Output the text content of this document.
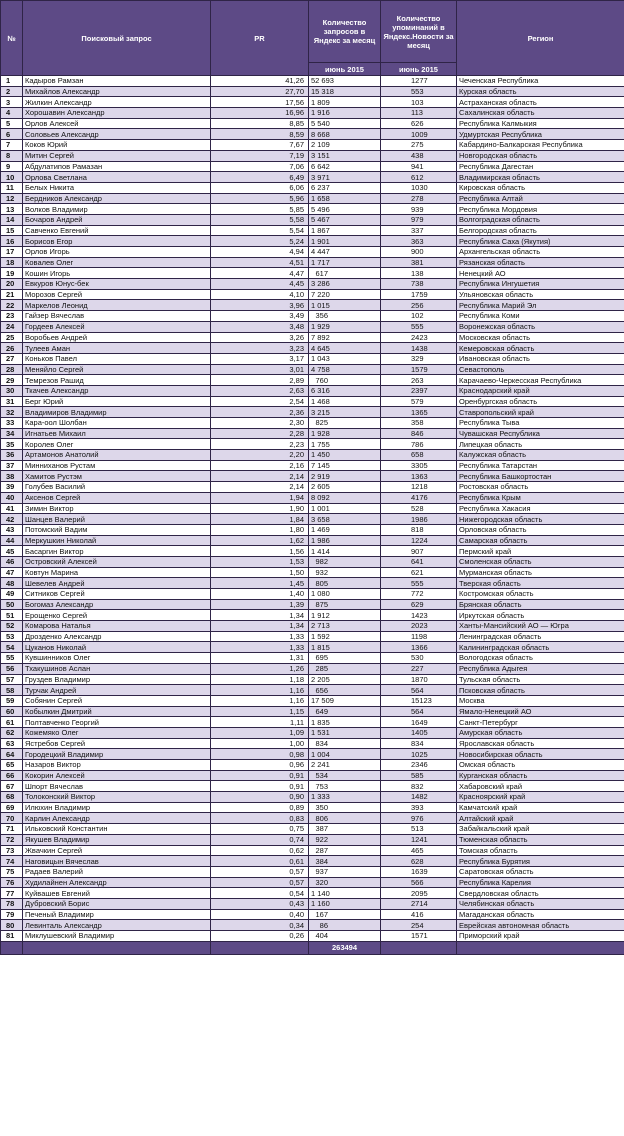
№	Поисковый запрос	PR	Количество запросов в Яндекс за месяц	Количество упоминаний в Яндекс.Новости за месяц	Регион
			июнь 2015	июнь 2015	
1	Кадыров Рамзан	41,26	52 693	1277	Чеченская Республика
2	Михайлов Александр	27,70	15 318	553	Курская область
3	Жилкин Александр	17,56	1 809	103	Астраханская область
4	Хорошавин Александр	16,96	1 916	113	Сахалинская область
5	Орлов Алексей	8,85	5 540	626	Республика Калмыкия
6	Соловьев Александр	8,59	8 668	1009	Удмуртская Республика
7	Коков Юрий	7,67	2 109	275	Кабардино-Балкарская Республика
8	Митин Сергей	7,19	3 151	438	Новгородская область
9	Абдулатипов Рамазан	7,06	6 642	941	Республика Дагестан
10	Орлова Светлана	6,49	3 971	612	Владимирская область
11	Белых Никита	6,06	6 237	1030	Кировская область
12	Бердников Александр	5,96	1 658	278	Республика Алтай
13	Волков Владимир	5,85	5 496	939	Республика Мордовия
14	Бочаров Андрей	5,58	5 467	979	Волгоградская область
15	Савченко Евгений	5,54	1 867	337	Белгородская область
16	Борисов Егор	5,24	1 901	363	Республика Саха (Якутия)
17	Орлов Игорь	4,94	4 447	900	Архангельская область
18	Ковалев Олег	4,51	1 717	381	Рязанская область
19	Кошин Игорь	4,47	617	138	Ненецкий АО
20	Евкуров Юнус-бек	4,45	3 286	738	Республика Ингушетия
21	Морозов Сергей	4,10	7 220	1759	Ульяновская область
22	Маркелов Леонид	3,96	1 015	256	Республика Марий Эл
23	Гайзер Вячеслав	3,49	356	102	Республика Коми
24	Гордеев Алексей	3,48	1 929	555	Воронежская область
25	Воробьев Андрей	3,26	7 892	2423	Московская область
26	Тулеев Аман	3,23	4 645	1438	Кемеровская область
27	Коньков Павел	3,17	1 043	329	Ивановская область
28	Меняйло Сергей	3,01	4 758	1579	Севастополь
29	Темрезов Рашид	2,89	760	263	Карачаево-Черкесская Республика
30	Ткачев Александр	2,63	6 316	2397	Краснодарский край
31	Берг Юрий	2,54	1 468	579	Оренбургская область
32	Владимиров Владимир	2,36	3 215	1365	Ставропольский край
33	Кара-оол Шолбан	2,30	825	358	Республика Тыва
34	Игнатьев Михаил	2,28	1 928	846	Чувашская Республика
35	Королев Олег	2,23	1 755	786	Липецкая область
36	Артамонов Анатолий	2,20	1 450	658	Калужская область
37	Минниханов Рустам	2,16	7 145	3305	Республика Татарстан
38	Хамитов Рустэм	2,14	2 919	1363	Республика Башкортостан
39	Голубев Василий	2,14	2 605	1218	Ростовская область
40	Аксенов Сергей	1,94	8 092	4176	Республика Крым
41	Зимин Виктор	1,90	1 001	528	Республика Хакасия
42	Шанцев Валерий	1,84	3 658	1986	Нижегородская область
43	Потомский Вадим	1,80	1 469	818	Орловская область
44	Меркушкин Николай	1,62	1 986	1224	Самарская область
45	Басаргин Виктор	1,56	1 414	907	Пермский край
46	Островский Алексей	1,53	982	641	Смоленская область
47	Ковтун Марина	1,50	932	621	Мурманская область
48	Шевелев Андрей	1,45	805	555	Тверская область
49	Ситников Сергей	1,40	1 080	772	Костромская область
50	Богомаз Александр	1,39	875	629	Брянская область
51	Ерощенко Сергей	1,34	1 912	1423	Иркутская область
52	Комарова Наталья	1,34	2 713	2023	Ханты-Мансийский АО — Югра
53	Дрозденко Александр	1,33	1 592	1198	Ленинградская область
54	Цуканов Николай	1,33	1 815	1366	Калининградская область
55	Кувшинников Олег	1,31	695	530	Вологодская область
56	Тхакушинов Аслан	1,26	285	227	Республика Адыгея
57	Груздев Владимир	1,18	2 205	1870	Тульская область
58	Турчак Андрей	1,16	656	564	Псковская область
59	Собянин Сергей	1,16	17 509	15123	Москва
60	Кобылкин Дмитрий	1,15	649	564	Ямало-Ненецкий АО
61	Полтавченко Георгий	1,11	1 835	1649	Санкт-Петербург
62	Кожемяко Олег	1,09	1 531	1405	Амурская область
63	Ястребов Сергей	1,00	834	834	Ярославская область
64	Городецкий Владимир	0,98	1 004	1025	Новосибирская область
65	Назаров Виктор	0,96	2 241	2346	Омская область
66	Кокорин Алексей	0,91	534	585	Курганская область
67	Шпорт Вячеслав	0,91	753	832	Хабаровский край
68	Толоконский Виктор	0,90	1 333	1482	Красноярский край
69	Илюхин Владимир	0,89	350	393	Камчатский край
70	Карлин Александр	0,83	806	976	Алтайский край
71	Ильковский Константин	0,75	387	513	Забайкальский край
72	Якушев Владимир	0,74	922	1241	Тюменская область
73	Жвачкин Сергей	0,62	287	465	Томская область
74	Наговицын Вячеслав	0,61	384	628	Республика Бурятия
75	Радаев Валерий	0,57	937	1639	Саратовская область
76	Худилайнен Александр	0,57	320	566	Республика Карелия
77	Куйвашев Евгений	0,54	1 140	2095	Свердловская область
78	Дубровский Борис	0,43	1 160	2714	Челябинская область
79	Печеный Владимир	0,40	167	416	Магаданская область
80	Левинталь Александр	0,34	86	254	Еврейская автономная область
81	Миклушевский Владимир	0,26	404	1571	Приморский край
			263494		
